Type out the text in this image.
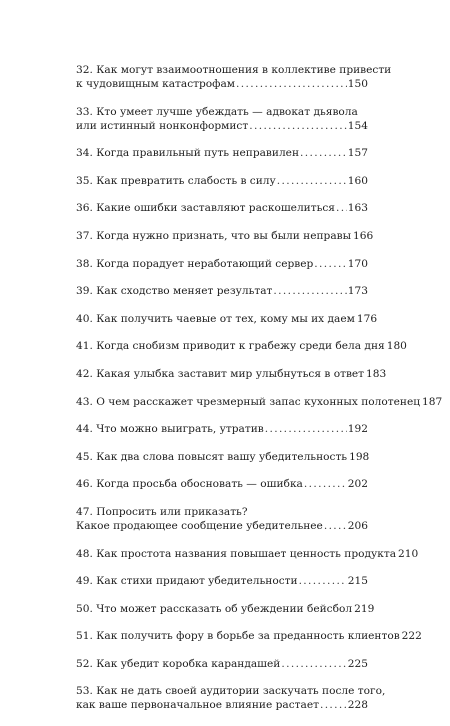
32. Как могут взаимоотношения в коллективе привести
к чудовищным катастрофам . . .	150
33. Кто умеет лучше убеждать — адвокат дьявола
или истинный нонконформист . . .	154
34. Когда правильный путь неправилен . . .	157
35. Как превратить слабость в силу . . .	160
36. Какие ошибки заставляют раскошелиться . . . 163
37. Когда нужно признать, что вы были неправы 166
38. Когда порадует неработающий сервер . . .	170
39. Как сходство меняет результат . . .	173
40. Как получить чаевые от тех, кому мы их даем 176
41. Когда снобизм приводит к грабежу среди бела дня 180
42. Какая улыбка заставит мир улыбнуться в ответ 183
43. О чем расскажет чрезмерный запас кухонных полотенец 187
44. Что можно выиграть, утратив . . .	192
45. Как два слова повысят вашу убедительность 198
46. Когда просьба обосновать — ошибка . . .	202
47. Попросить или приказать?
Какое продающее сообщение убедительнее . . . 206
48. Как простота названия повышает ценность продукта 210
49. Как стихи придают убедительности . . .	215
50. Что может рассказать об убеждении бейсбол 219
51. Как получить фору в борьбе за преданность клиентов 222
52. Как убедит коробка карандашей . . .	225
53. Как не дать своей аудитории заскучать после того,
как ваше первоначальное влияние растает . . .	228
